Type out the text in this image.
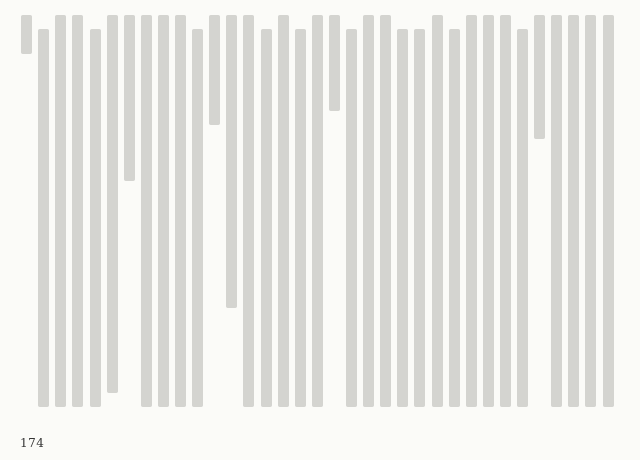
174
